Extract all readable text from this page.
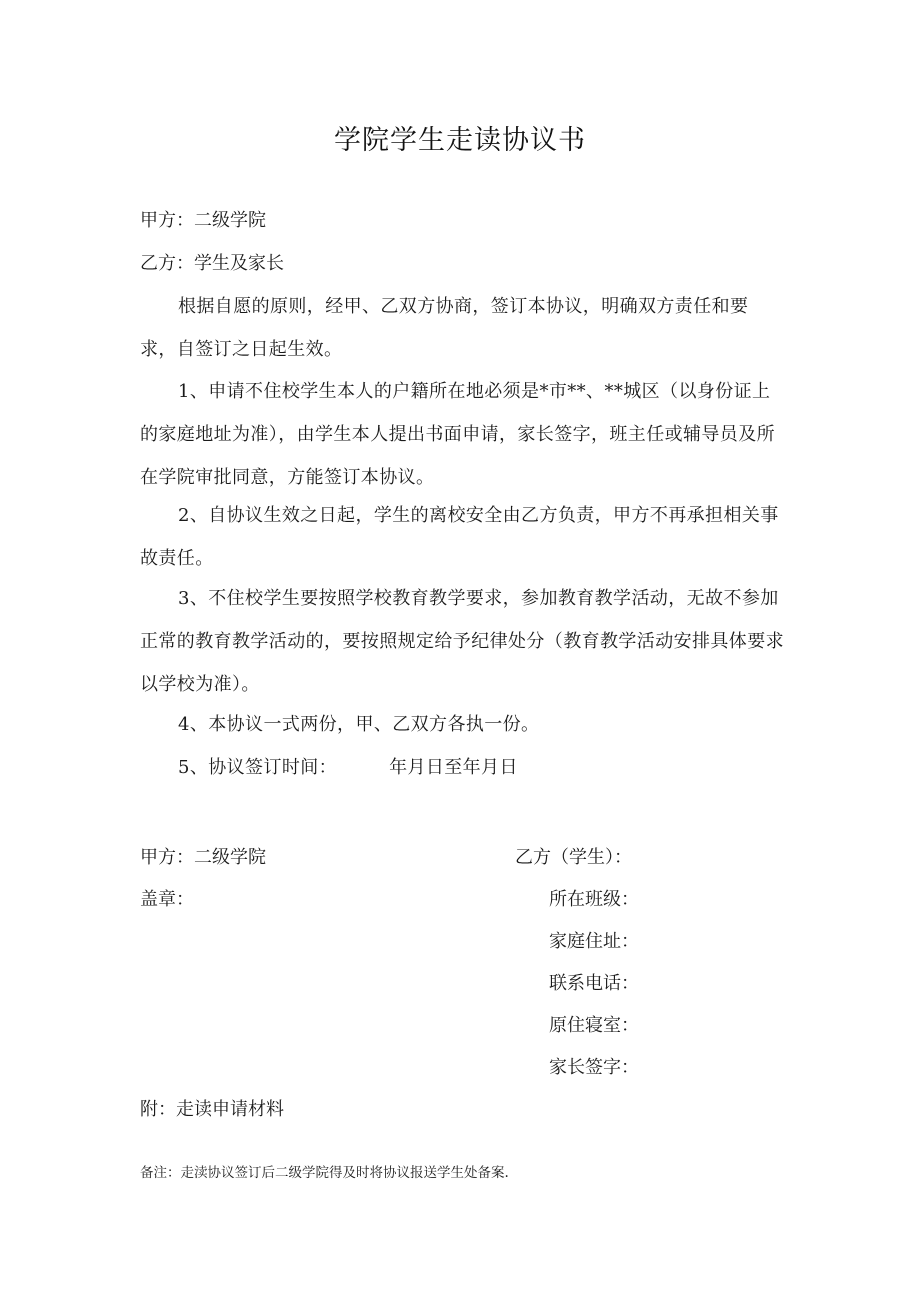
学院学生走读协议书
甲方：二级学院
乙方：学生及家长
根据自愿的原则，经甲、乙双方协商，签订本协议，明确双方责任和要求，自签订之日起生效。
1、申请不住校学生本人的户籍所在地必须是*市**、**城区（以身份证上的家庭地址为准），由学生本人提出书面申请，家长签字，班主任或辅导员及所在学院审批同意，方能签订本协议。
2、自协议生效之日起，学生的离校安全由乙方负责，甲方不再承担相关事故责任。
3、不住校学生要按照学校教育教学要求，参加教育教学活动，无故不参加正常的教育教学活动的，要按照规定给予纪律处分（教育教学活动安排具体要求以学校为准）。
4、本协议一式两份，甲、乙双方各执一份。
5、协议签订时间：	年月日至年月日
甲方：二级学院	乙方（学生）：
盖章：	所在班级：
家庭住址：
联系电话：
原住寝室：
家长签字：
附：走读申请材料
备注：走渎协议签订后二级学院得及时将协议报送学生处备案.
